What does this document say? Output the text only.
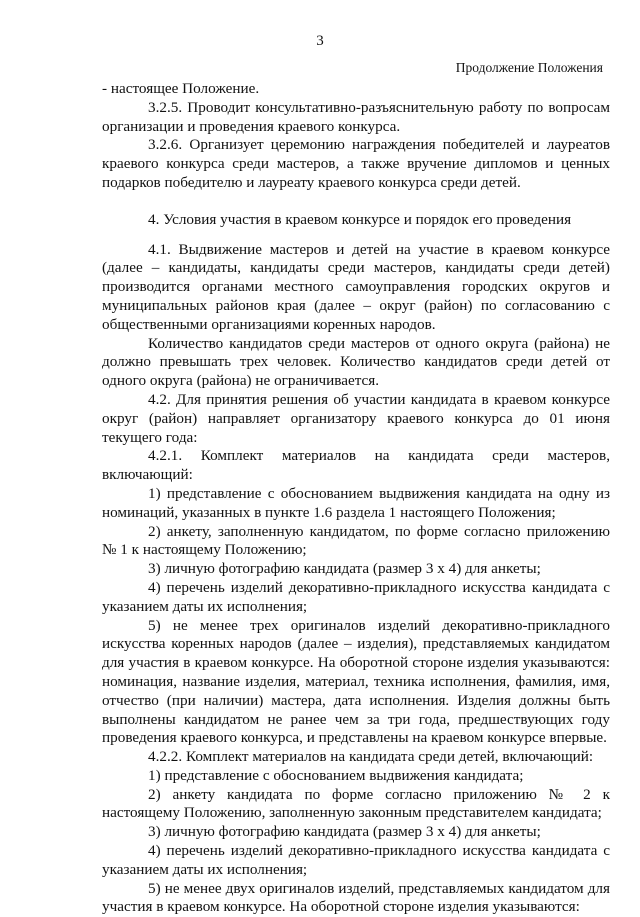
3
Продолжение Положения

- настоящее Положение.

3.2.5. Проводит консультативно-разъяснительную работу по вопросам организации и проведения краевого конкурса.

3.2.6. Организует церемонию награждения победителей и лауреатов краевого конкурса среди мастеров, а также вручение дипломов и ценных подарков победителю и лауреату краевого конкурса среди детей.

4. Условия участия в краевом конкурсе и порядок его проведения

4.1. Выдвижение мастеров и детей на участие в краевом конкурсе (далее – кандидаты, кандидаты среди мастеров, кандидаты среди детей) производится органами местного самоуправления городских округов и муниципальных районов края (далее – округ (район) по согласованию с общественными организациями коренных народов.

Количество кандидатов среди мастеров от одного округа (района) не должно превышать трех человек. Количество кандидатов среди детей от одного округа (района) не ограничивается.

4.2. Для принятия решения об участии кандидата в краевом конкурсе округ (район) направляет организатору краевого конкурса до 01 июня текущего года:

4.2.1. Комплект материалов на кандидата среди мастеров, включающий:

1) представление с обоснованием выдвижения кандидата на одну из номинаций, указанных в пункте 1.6 раздела 1 настоящего Положения;

2) анкету, заполненную кандидатом, по форме согласно приложению № 1 к настоящему Положению;

3) личную фотографию кандидата (размер 3 х 4) для анкеты;

4) перечень изделий декоративно-прикладного искусства кандидата с указанием даты их исполнения;

5) не менее трех оригиналов изделий декоративно-прикладного искусства коренных народов (далее – изделия), представляемых кандидатом для участия в краевом конкурсе. На оборотной стороне изделия указываются: номинация, название изделия, материал, техника исполнения, фамилия, имя, отчество (при наличии) мастера, дата исполнения. Изделия должны быть выполнены кандидатом не ранее чем за три года, предшествующих году проведения краевого конкурса, и представлены на краевом конкурсе впервые.

4.2.2. Комплект материалов на кандидата среди детей, включающий:

1) представление с обоснованием выдвижения кандидата;

2) анкету кандидата по форме согласно приложению № 2 к настоящему Положению, заполненную законным представителем кандидата;

3) личную фотографию кандидата (размер 3 х 4) для анкеты;

4) перечень изделий декоративно-прикладного искусства кандидата с указанием даты их исполнения;

5) не менее двух оригиналов изделий, представляемых кандидатом для участия в краевом конкурсе. На оборотной стороне изделия указываются:
